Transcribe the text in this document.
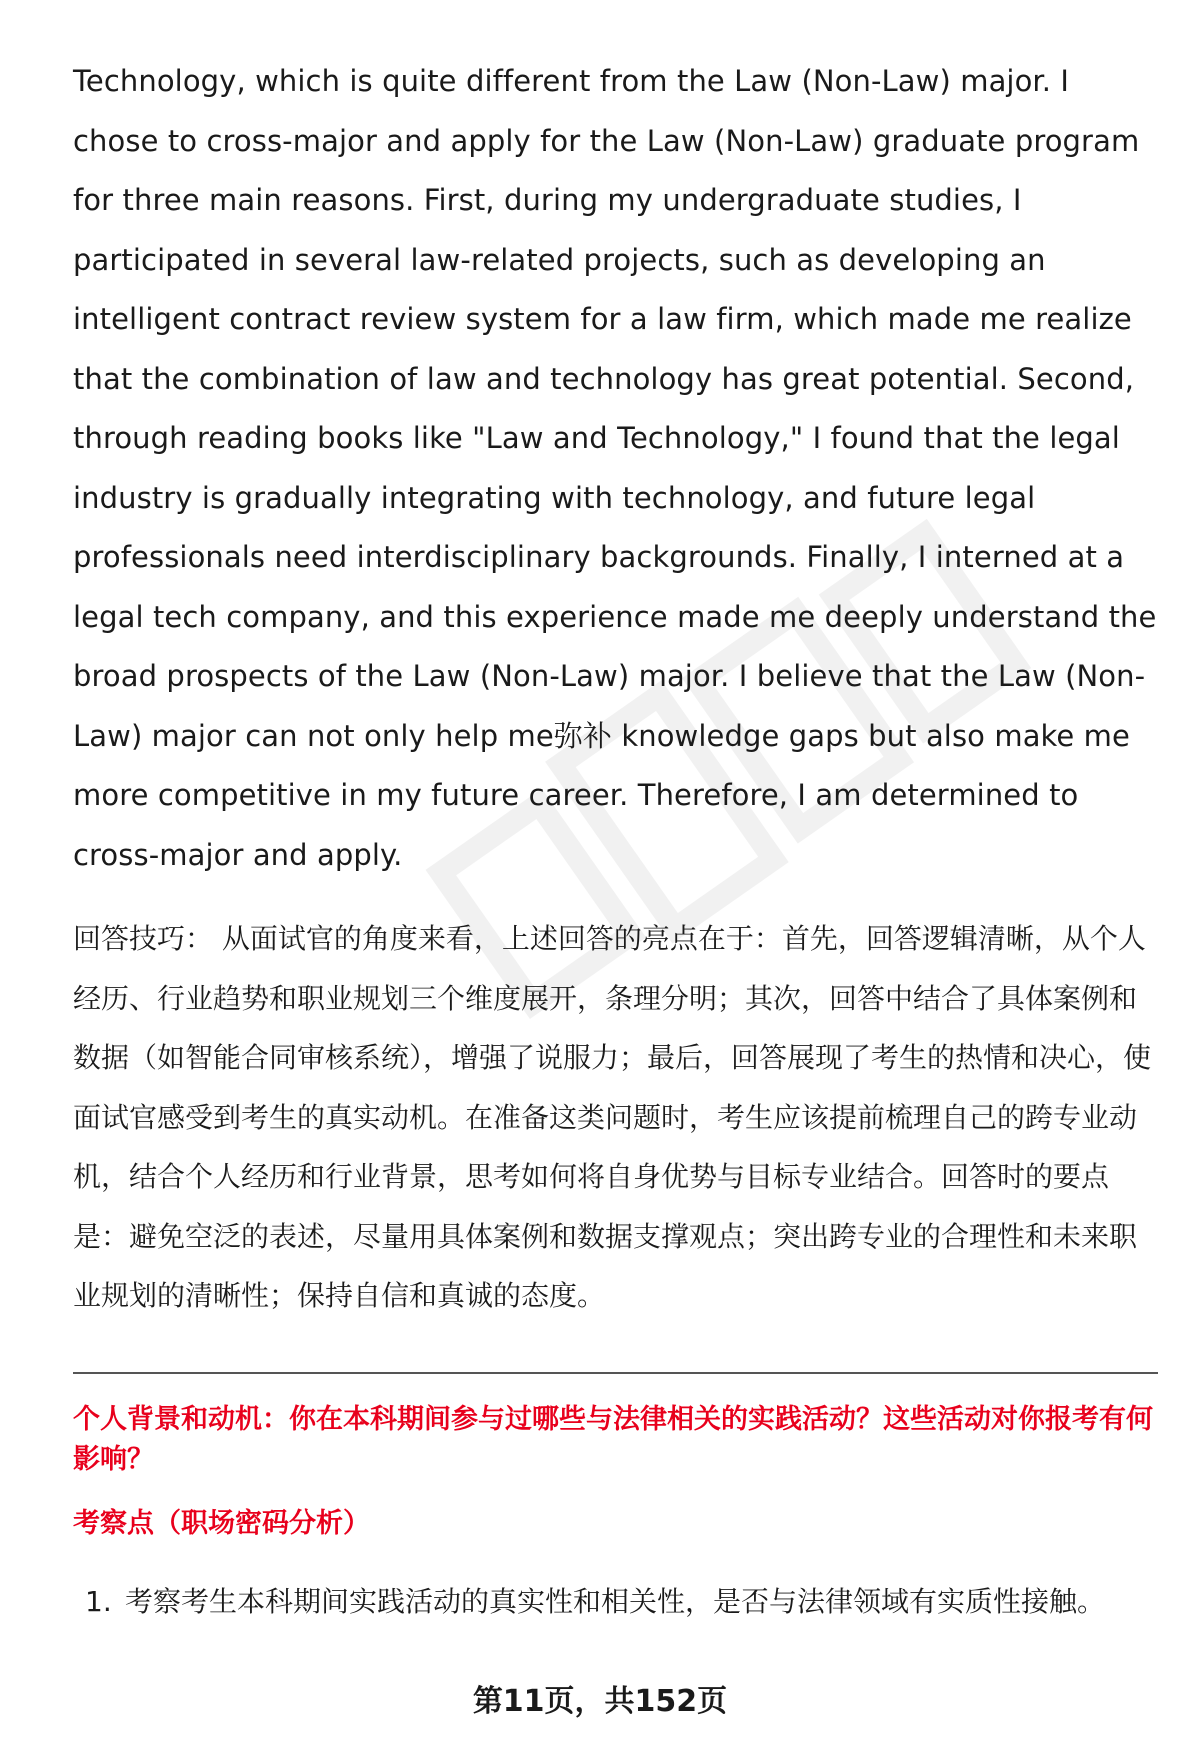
Technology, which is quite different from the Law (Non-Law) major. I chose to cross-major and apply for the Law (Non-Law) graduate program for three main reasons. First, during my undergraduate studies, I participated in several law-related projects, such as developing an intelligent contract review system for a law firm, which made me realize that the combination of law and technology has great potential. Second, through reading books like "Law and Technology," I found that the legal industry is gradually integrating with technology, and future legal professionals need interdisciplinary backgrounds. Finally, I interned at a legal tech company, and this experience made me deeply understand the broad prospects of the Law (Non-Law) major. I believe that the Law (Non-Law) major can not only help me弥补 knowledge gaps but also make me more competitive in my future career. Therefore, I am determined to cross-major and apply.

回答技巧： 从面试官的角度来看，上述回答的亮点在于：首先，回答逻辑清晰，从个人经历、行业趋势和职业规划三个维度展开，条理分明；其次，回答中结合了具体案例和数据（如智能合同审核系统），增强了说服力；最后，回答展现了考生的热情和决心，使面试官感受到考生的真实动机。在准备这类问题时，考生应该提前梳理自己的跨专业动机，结合个人经历和行业背景，思考如何将自身优势与目标专业结合。回答时的要点是：避免空泛的表述，尽量用具体案例和数据支撑观点；突出跨专业的合理性和未来职业规划的清晰性；保持自信和真诚的态度。

个人背景和动机：你在本科期间参与过哪些与法律相关的实践活动？这些活动对你报考有何影响？
考察点（职场密码分析）
1. 考察考生本科期间实践活动的真实性和相关性，是否与法律领域有实质性接触。
第11页，共152页
